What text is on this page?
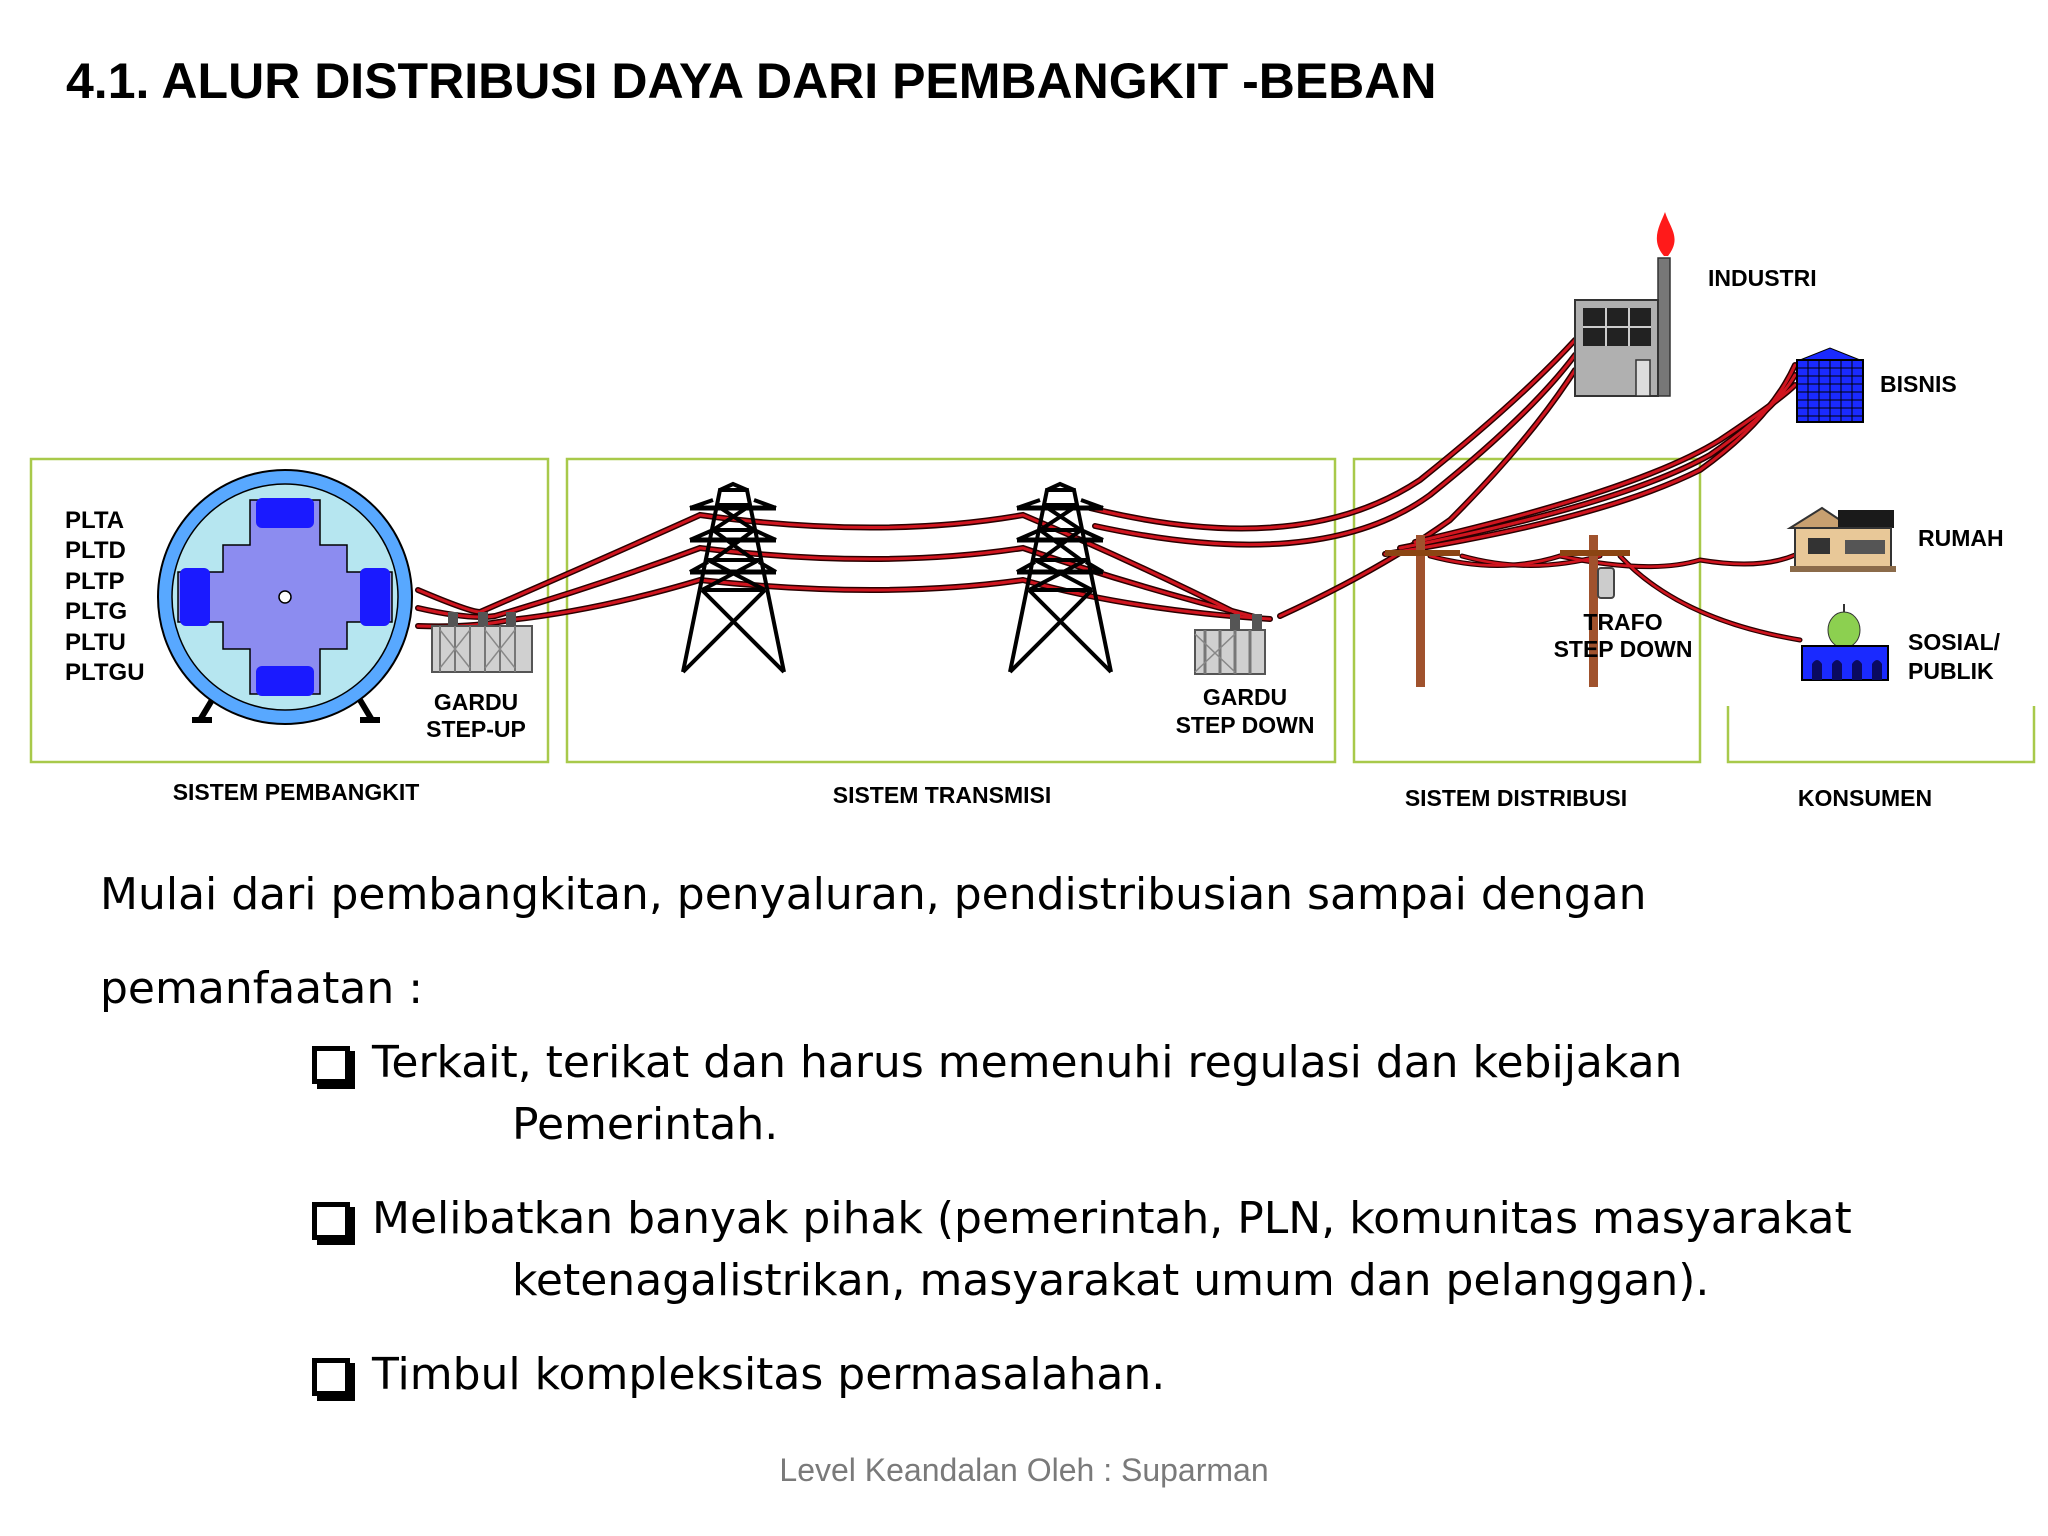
4.1. ALUR DISTRIBUSI DAYA DARI PEMBANGKIT -BEBAN
PLTA
PLTD
PLTP
PLTG
PLTU
PLTGU
GARDU
STEP-UP
GARDU
STEP DOWN
TRAFO
STEP DOWN
INDUSTRI
BISNIS
RUMAH
SOSIAL/
PUBLIK
SISTEM PEMBANGKIT	SISTEM TRANSMISI	SISTEM DISTRIBUSI	KONSUMEN
Mulai dari pembangkitan, penyaluran, pendistribusian sampai dengan
pemanfaatan :
Terkait, terikat dan harus memenuhi regulasi dan kebijakan
Pemerintah.
Melibatkan banyak pihak (pemerintah, PLN, komunitas masyarakat
ketenagalistrikan, masyarakat umum dan pelanggan).
Timbul kompleksitas permasalahan.
Level Keandalan Oleh : Suparman
